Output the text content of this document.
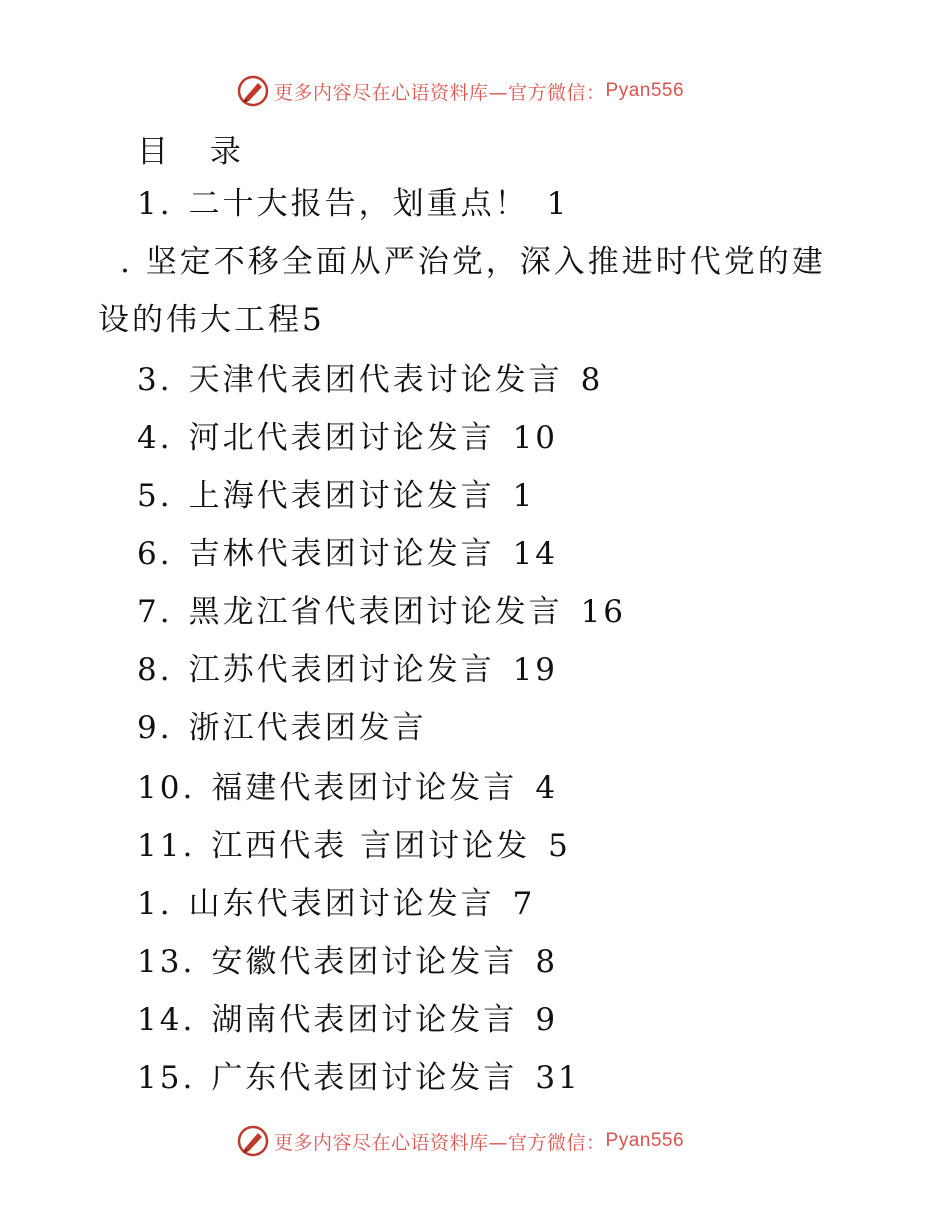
更多内容尽在心语资料库—官方微信： Pyan556
目 录
1. 二十大报告，划重点！ 1
. 坚定不移全面从严治党，深入推进时代党的建
设的伟大工程5
3. 天津代表团代表讨论发言 8
4. 河北代表团讨论发言 10
5. 上海代表团讨论发言 1
6. 吉林代表团讨论发言 14
7. 黑龙江省代表团讨论发言 16
8. 江苏代表团讨论发言 19
9. 浙江代表团发言
10. 福建代表团讨论发言 4
11. 江西代表 言团讨论发 5
1. 山东代表团讨论发言 7
13. 安徽代表团讨论发言 8
14. 湖南代表团讨论发言 9
15. 广东代表团讨论发言 31
更多内容尽在心语资料库—官方微信： Pyan556
